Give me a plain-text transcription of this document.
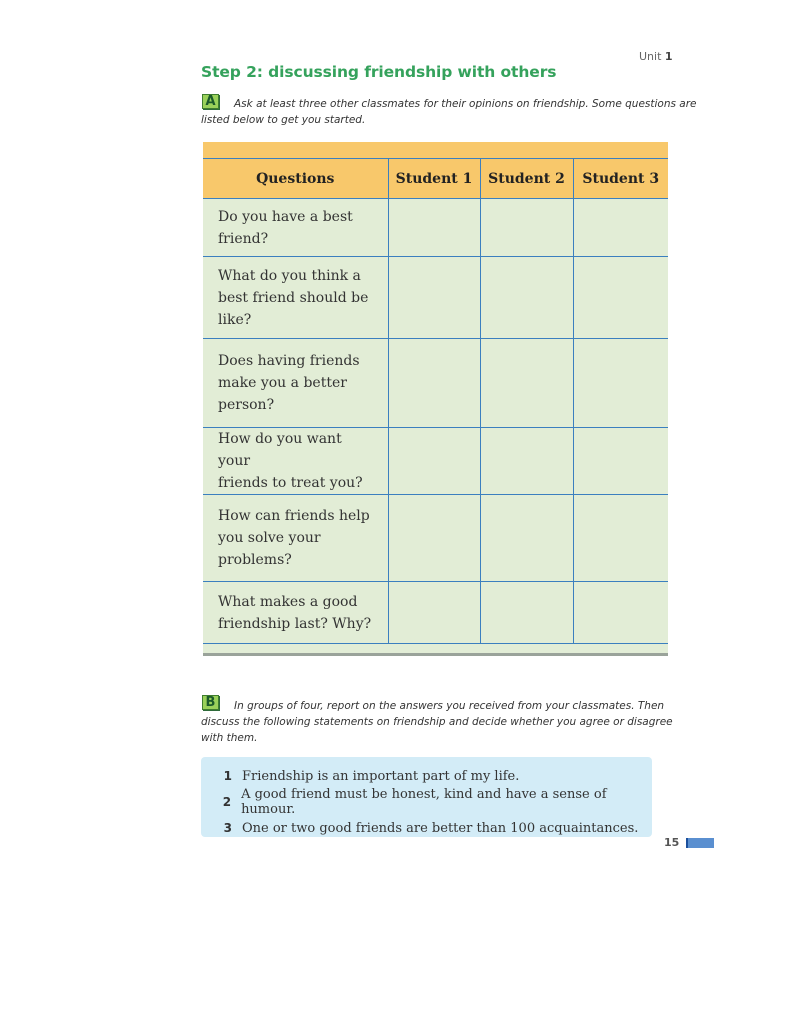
Unit 1
Step 2: discussing friendship with others
A	Ask at least three other classmates for their opinions on friendship. Some questions are
listed below to get you started.
Questions	Student 1	Student 2	Student 3

Do you have a best
friend?			

What do you think a
best friend should be
like?			

Does having friends
make you a better
person?			

How do you want your
friends to treat you?			

How can friends help
you solve your
problems?			

What makes a good
friendship last? Why?			

B	In groups of four, report on the answers you received from your classmates. Then
discuss the following statements on friendship and decide whether you agree or disagree
with them.
1 Friendship is an important part of my life.
2 A good friend must be honest, kind and have a sense of humour.
3 One or two good friends are better than 100 acquaintances.
15
